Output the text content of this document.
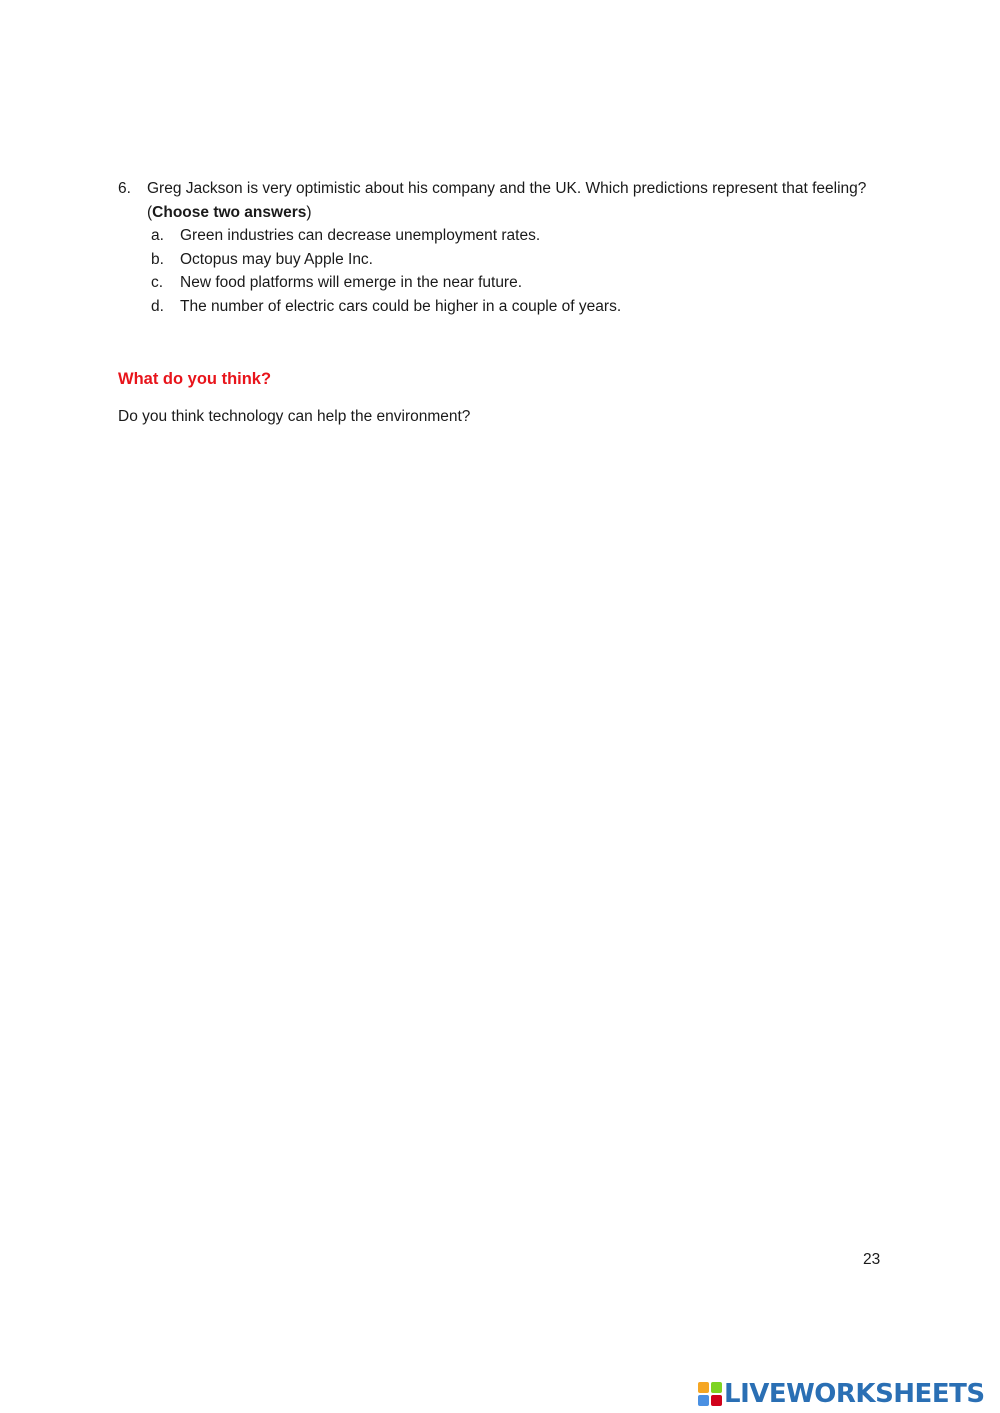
6.	Greg Jackson is very optimistic about his company and the UK. Which predictions represent that feeling? (Choose two answers)
a. Green industries can decrease unemployment rates.
b. Octopus may buy Apple Inc.
c. New food platforms will emerge in the near future.
d. The number of electric cars could be higher in a couple of years.
What do you think?

Do you think technology can help the environment?

23
LIVEWORKSHEETS
